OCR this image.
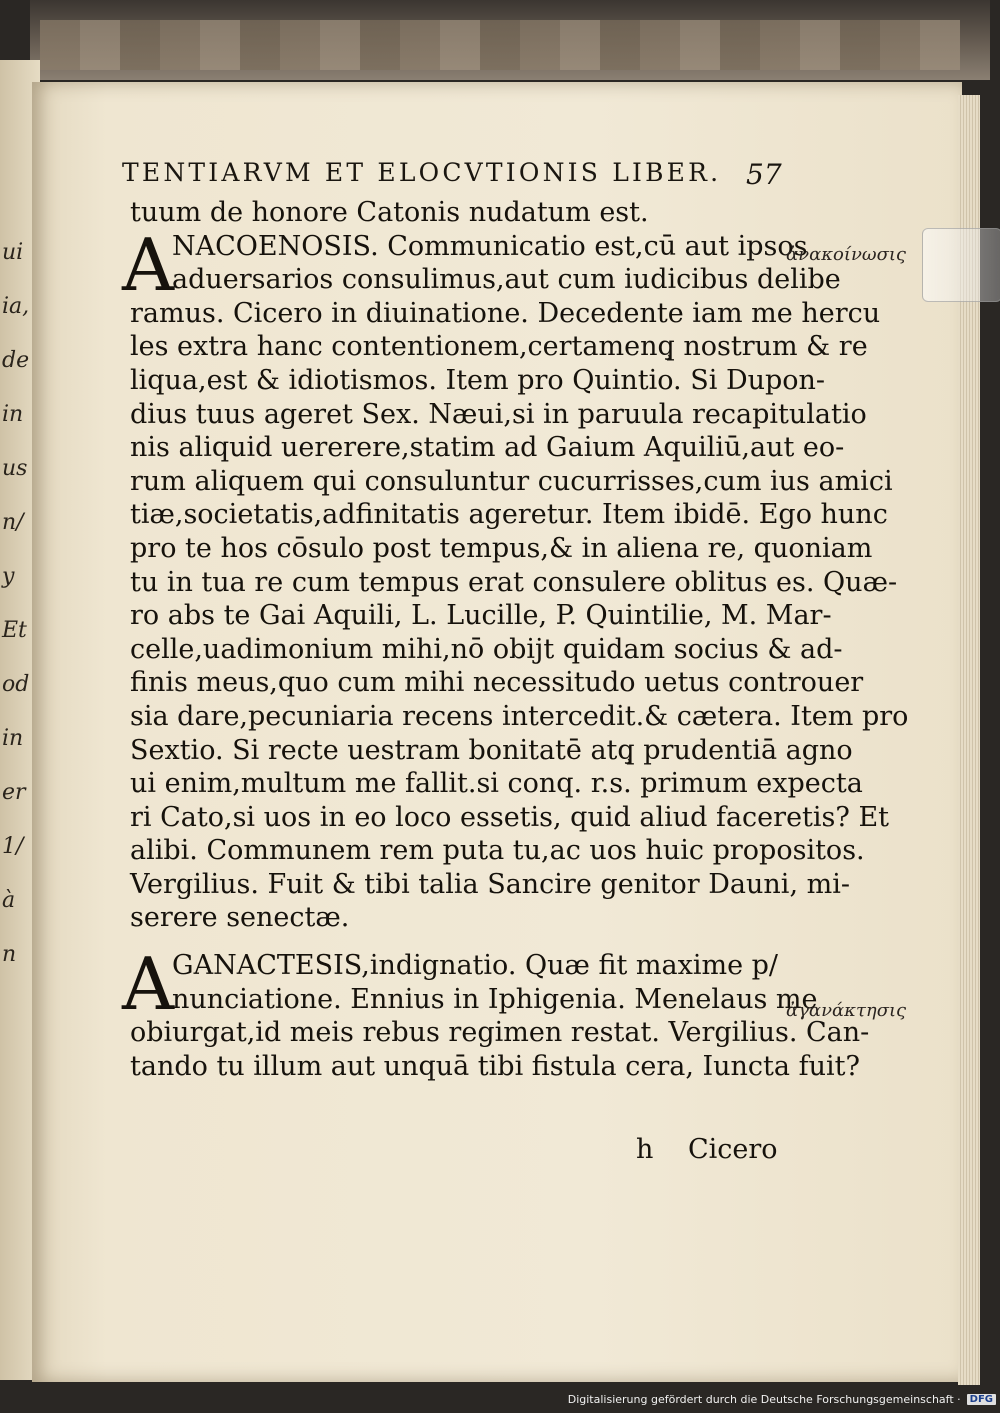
ui
ia,
de
in
us
n/
y
Et
od
in
er
1/
à
n
TENTIARVM ET ELOCVTIONIS LIBER. 57
tuum de honore Catonis nudatum est.
A
NACOENOSIS. Communicatio est,cū aut ipsos
aduersarios consulimus,aut cum iudicibus delibe
ramus. Cicero in diuinatione. Decedente iam me hercu
les extra hanc contentionem,certamenq̧ nostrum & re
liqua,est & idiotismos. Item pro Quintio. Si Dupon-
dius tuus ageret Sex. Næui,si in paruula recapitulatio
nis aliquid uererere,statim ad Gaium Aquiliū,aut eo-
rum aliquem qui consuluntur cucurrisses,cum ius amici
tiæ,societatis,adfinitatis ageretur. Item ibidē. Ego hunc
pro te hos cōsulo post tempus,& in aliena re, quoniam
tu in tua re cum tempus erat consulere oblitus es. Quæ-
ro abs te Gai Aquili, L. Lucille, P. Quintilie, M. Mar-
celle,uadimonium mihi,nō obijt quidam socius & ad-
finis meus,quo cum mihi necessitudo uetus controuer
sia dare,pecuniaria recens intercedit.& cætera. Item pro
Sextio. Si recte uestram bonitatē atq̧ prudentiā agno
ui enim,multum me fallit.si conq. r.s. primum expecta
ri Cato,si uos in eo loco essetis, quid aliud faceretis? Et
alibi. Communem rem puta tu,ac uos huic propositos.
Vergilius. Fuit & tibi talia Sancire genitor Dauni, mi-
serere senectæ.
A
GANACTESIS,indignatio. Quæ fit maxime p/
nunciatione. Ennius in Iphigenia. Menelaus me
obiurgat,id meis rebus regimen restat. Vergilius. Can-
tando tu illum aut unquā tibi fistula cera, Iuncta fuit?
ἀνακοίνωσις
ἀγανάκτησις
h Cicero
Digitalisierung gefördert durch die Deutsche Forschungsgemeinschaft · DFG
